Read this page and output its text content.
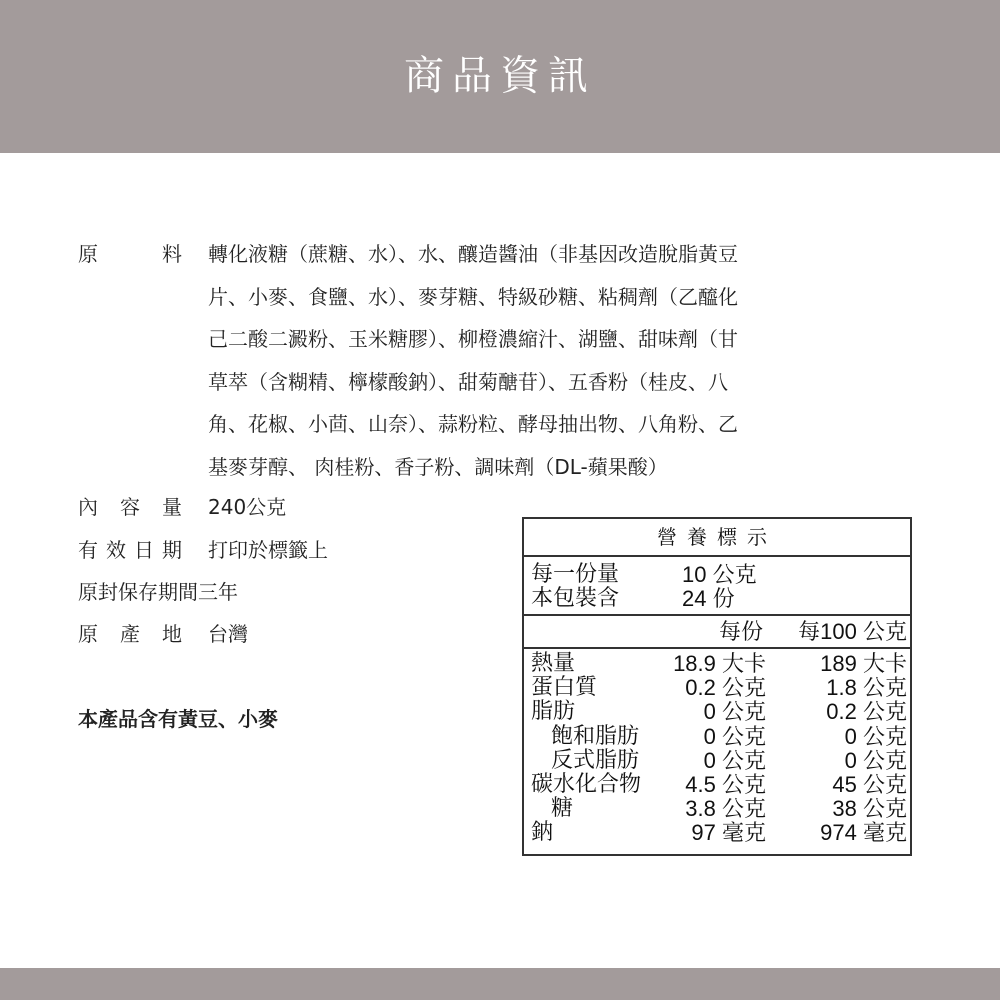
商品資訊
原	料 轉化液糖（蔗糖、水）、水、釀造醬油（非基因改造脫脂黃豆
片、小麥、食鹽、水）、麥芽糖、特級砂糖、粘稠劑（乙醯化
己二酸二澱粉、玉米糖膠）、柳橙濃縮汁、湖鹽、甜味劑（甘
草萃（含糊精、檸檬酸鈉）、甜菊醣苷）、五香粉（桂皮、八
角、花椒、小茴、山奈）、蒜粉粒、酵母抽出物、八角粉、乙
基麥芽醇、 肉桂粉、香子粉、調味劑（DL-蘋果酸）
內 容 量 240公克
有 效 日 期 打印於標籤上
原封保存期間三年
原 產 地 台灣
本產品含有黃豆、小麥
營養標示
每一份量	10 公克
本包裝含	24 份
每份 每100 公克
熱量	18.9 大卡 189 大卡
蛋白質	0.2 公克	1.8 公克
脂肪	0 公克	0.2 公克
飽和脂肪	0 公克	0 公克
反式脂肪	0 公克	0 公克
碳水化合物 4.5 公克	45 公克
糖	3.8 公克	38 公克
鈉	97 毫克 974 毫克
